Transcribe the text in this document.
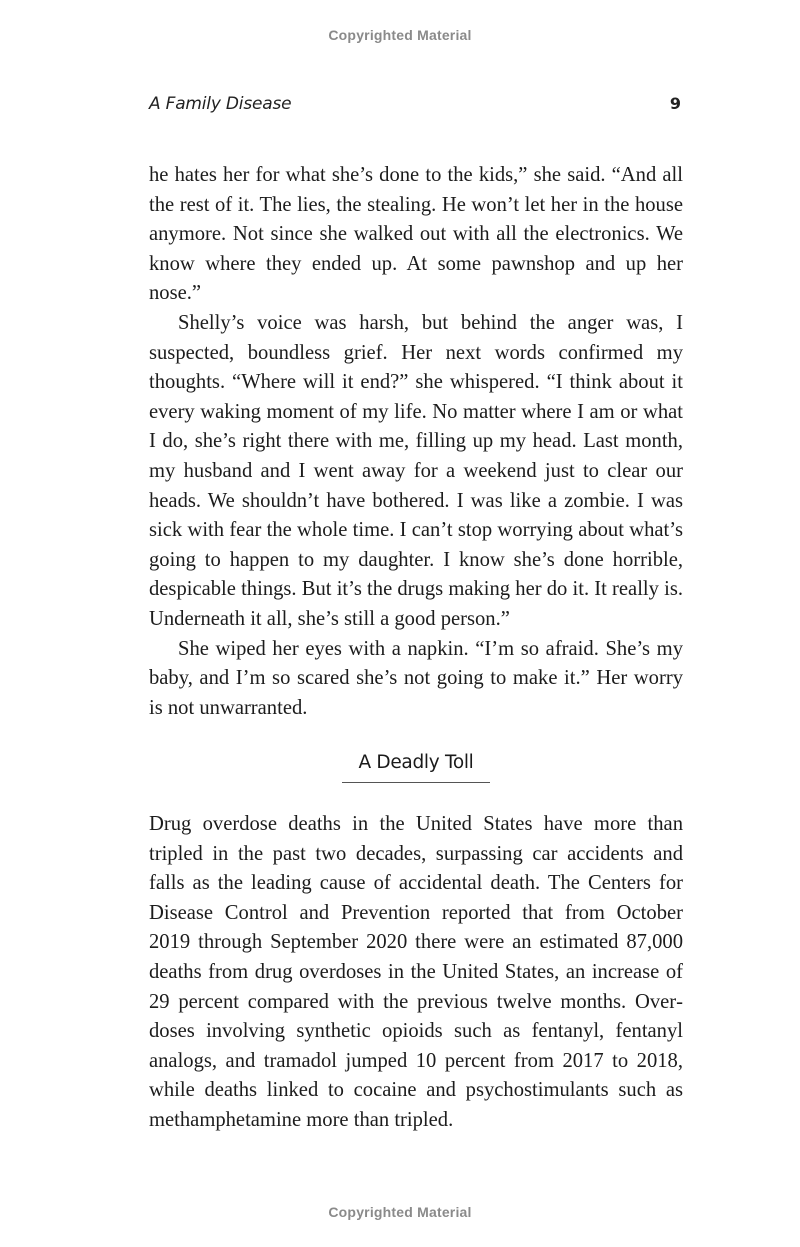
Copyrighted Material
A Family Disease	9

he hates her for what she’s done to the kids,” she said. “And all the rest of it. The lies, the stealing. He won’t let her in the house anymore. Not since she walked out with all the electronics. We know where they ended up. At some pawnshop and up her nose.”

Shelly’s voice was harsh, but behind the anger was, I suspected, boundless grief. Her next words confirmed my thoughts. “Where will it end?” she whispered. “I think about it every waking moment of my life. No matter where I am or what I do, she’s right there with me, filling up my head. Last month, my husband and I went away for a weekend just to clear our heads. We shouldn’t have bothered. I was like a zombie. I was sick with fear the whole time. I can’t stop worrying about what’s going to happen to my daughter. I know she’s done horrible, despicable things. But it’s the drugs making her do it. It really is. Underneath it all, she’s still a good person.”

She wiped her eyes with a napkin. “I’m so afraid. She’s my baby, and I’m so scared she’s not going to make it.” Her worry is not unwarranted.

A Deadly Toll

Drug overdose deaths in the United States have more than tripled in the past two decades, surpassing car accidents and falls as the leading cause of accidental death. The Centers for Disease Control and Prevention reported that from October 2019 through September 2020 there were an estimated 87,000 deaths from drug overdoses in the United States, an increase of 29 percent compared with the previous twelve months. Overdoses involving synthetic opioids such as fentanyl, fentanyl analogs, and tramadol jumped 10 percent from 2017 to 2018, while deaths linked to cocaine and psychostimulants such as methamphetamine more than tripled.

Copyrighted Material
